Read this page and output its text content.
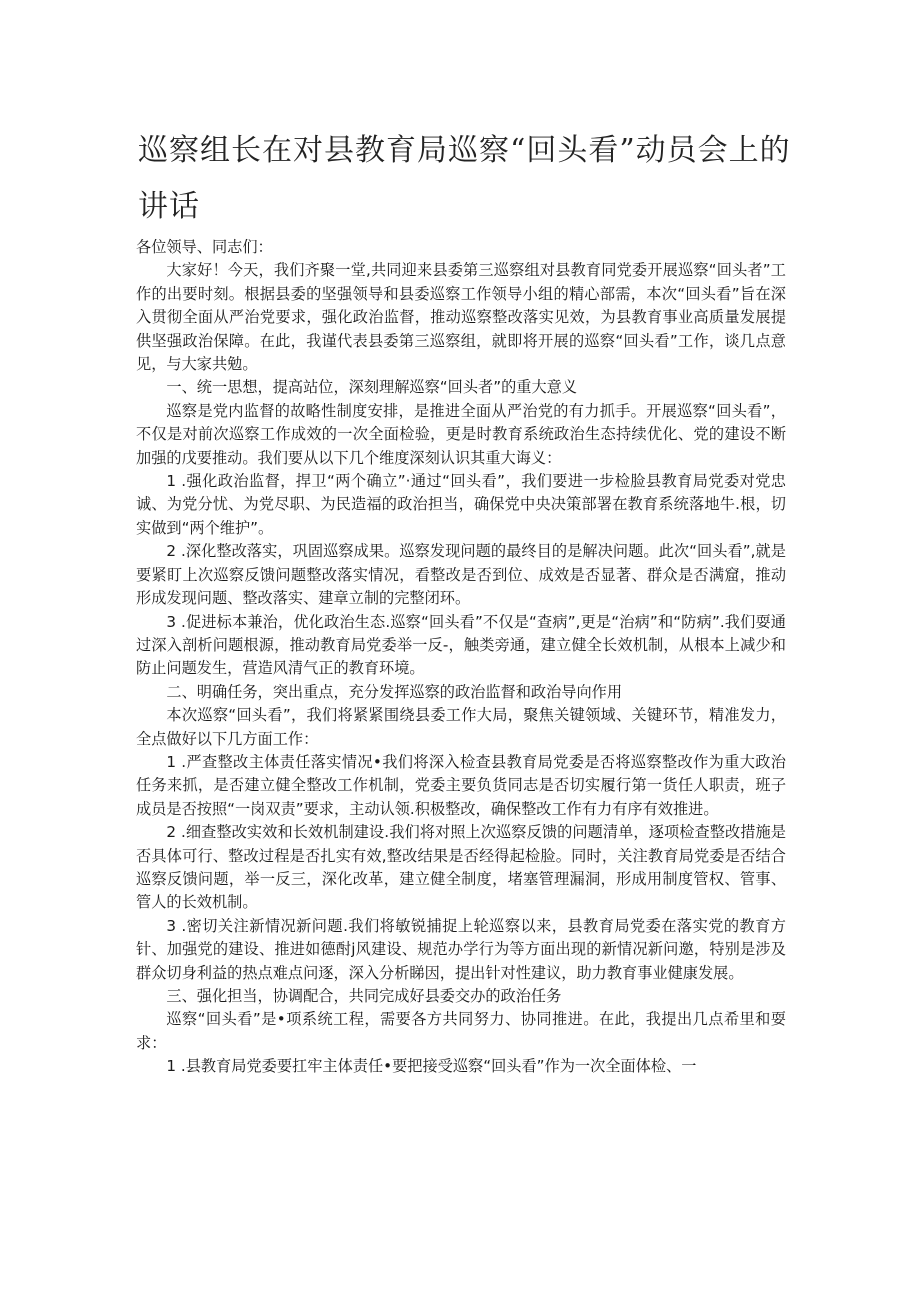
巡察组长在对县教育局巡察“回头看”动员会上的讲话

各位领导、同志们：

大家好！今天，我们齐聚一堂,共同迎来县委第三巡察组对县教育同党委开展巡察“回头者”工作的出要时刻。根据县委的坚强领导和县委巡察工作领导小组的精心部需，本次“回头看”旨在深入贯彻全面从严治党要求，强化政治监督，推动巡察整改落实见效，为县教育事业高质量发展提供坚强政治保障。在此，我谨代表县委第三巡察组，就即将开展的巡察“回头看”工作，谈几点意见，与大家共勉。

一、统一思想，提高站位，深刻理解巡察“回头者”的重大意义

巡察是党内监督的故略性制度安排，是推进全面从严治党的有力抓手。开展巡察“回头看”，不仅是对前次巡察工作成效的一次全面检验，更是时教育系统政治生态持续优化、党的建设不断加强的戊要推动。我们要从以下几个维度深刻认识其重大诲义：

1 .强化政治监督，捍卫“两个确立”·通过“回头看”，我们要进一步检脸县教育局党委对党忠诚、为党分忧、为党尽职、为民造福的政治担当，确保党中央决策部署在教育系统落地牛.根，切实做到“两个维护”。

2 .深化整改落实，巩固巡察成果。巡察发现问题的最终目的是解决问题。此次“回头看”,就是要紧盯上次巡察反馈问题整改落实情况，看整改是否到位、成效是否显著、群众是否满窟，推动形成发现问题、整改落实、建章立制的完整闭环。

3 .促进标本兼治，优化政治生态.巡察“回头看”不仅是“查病”,更是“治病”和“防病”.我们耍通过深入剖析问题根源，推动教育局党委举一反-，触类旁通，建立健全长效机制，从根本上减少和防止问题发生，营造风清气正的教育环境。

二、明确任务，突出重点，充分发挥巡察的政治监督和政治导向作用

本次巡察“回头看”，我们将紧紧围绕县委工作大局，聚焦关键领域、关键环节，精准发力，全点做好以下几方面工作：

1 .严查整改主体责任落实情况•我们将深入检查县教育局党委是否将巡察整改作为重大政治任务来抓，是否建立健全整改工作机制，党委主要负货同志是否切实履行第一货任人职责，班子成员是否按照“一岗双责”要求，主动认领.积极整改，确保整改工作有力有序有效推进。

2 .细查整改实效和长效机制建设.我们将对照上次巡察反馈的问题清单，逐项检查整改措施是否具体可行、整改过程是否扎实有效,整改结果是否经得起检脸。同时，关注教育局党委是否结合巡察反馈问题，举一反三，深化改革，建立健全制度，堵塞管理漏洞，形成用制度管权、管事、管人的长效机制。

3 .密切关注新情况新问题.我们将敏锐捕捉上轮巡察以来，县教育局党委在落实党的教育方针、加强党的建设、推进如德酎j风建设、规范办学行为等方面出现的新情况新问邀，特别是涉及群众切身利益的热点难点问逐，深入分析睇因，提出针对性建议，助力教育事业健康发展。

三、强化担当，协调配合，共同完成好县委交办的政治任务

巡察“回头看”是•项系统工程，需要各方共同努力、协同推进。在此，我提出几点希里和耍求：

1 .县教育局党委要扛牢主体责任•要把接受巡察“回头看”作为一次全面体检、一
